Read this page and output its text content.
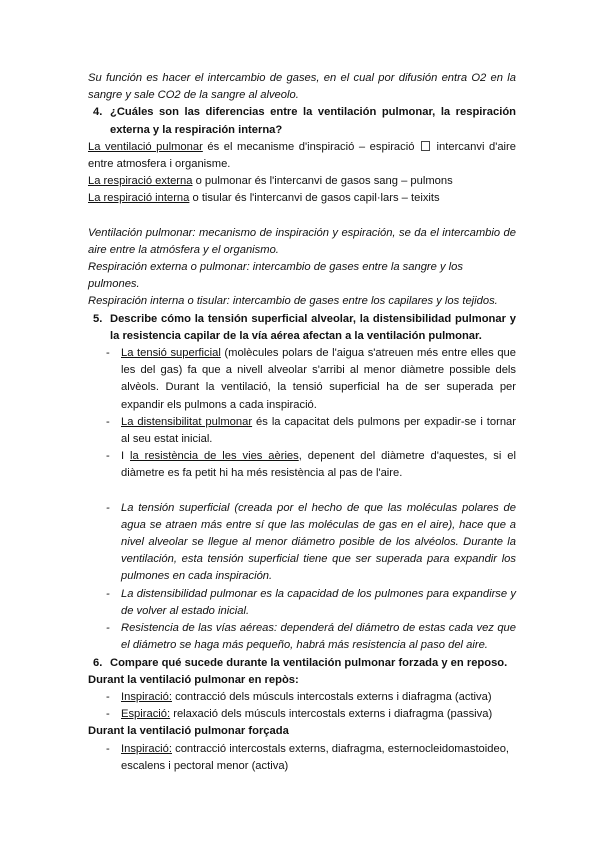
Su función es hacer el intercambio de gases, en el cual por difusión entra O2 en la sangre y sale CO2 de la sangre al alveolo.

4. ¿Cuáles son las diferencias entre la ventilación pulmonar, la respiración externa y la respiración interna?

La ventilació pulmonar és el mecanisme d'inspiració – espiració  intercanvi d'aire entre atmosfera i organisme.

La respiració externa o pulmonar és l'intercanvi de gasos sang – pulmons

La respiració interna o tisular és l'intercanvi de gasos capil·lars – teixits

Ventilación pulmonar: mecanismo de inspiración y espiración, se da el intercambio de aire entre la atmósfera y el organismo.

Respiración externa o pulmonar: intercambio de gases entre la sangre y los pulmones.

Respiración interna o tisular: intercambio de gases entre los capilares y los tejidos.

5. Describe cómo la tensión superficial alveolar, la distensibilidad pulmonar y la resistencia capilar de la vía aérea afectan a la ventilación pulmonar.

- La tensió superficial (molècules polars de l'aigua s'atreuen més entre elles que les del gas) fa que a nivell alveolar s'arribi al menor diàmetre possible dels alvèols. Durant la ventilació, la tensió superficial ha de ser superada per expandir els pulmons a cada inspiració.

- La distensibilitat pulmonar és la capacitat dels pulmons per expadir-se i tornar al seu estat inicial.

- I la resistència de les vies aèries, depenent del diàmetre d'aquestes, si el diàmetre es fa petit hi ha més resistència al pas de l'aire.

- La tensión superficial (creada por el hecho de que las moléculas polares de agua se atraen más entre sí que las moléculas de gas en el aire), hace que a nivel alveolar se llegue al menor diámetro posible de los alvéolos. Durante la ventilación, esta tensión superficial tiene que ser superada para expandir los pulmones en cada inspiración.

- La distensibilidad pulmonar es la capacidad de los pulmones para expandirse y de volver al estado inicial.

- Resistencia de las vías aéreas: dependerá del diámetro de estas cada vez que el diámetro se haga más pequeño, habrá más resistencia al paso del aire.

6. Compare qué sucede durante la ventilación pulmonar forzada y en reposo.

Durant la ventilació pulmonar en repòs:

- Inspiració: contracció dels músculs intercostals externs i diafragma (activa)

- Espiració: relaxació dels músculs intercostals externs i diafragma (passiva)

Durant la ventilació pulmonar forçada

- Inspiració: contracció intercostals externs, diafragma, esternocleidomastoideo, escalens i pectoral menor (activa)
